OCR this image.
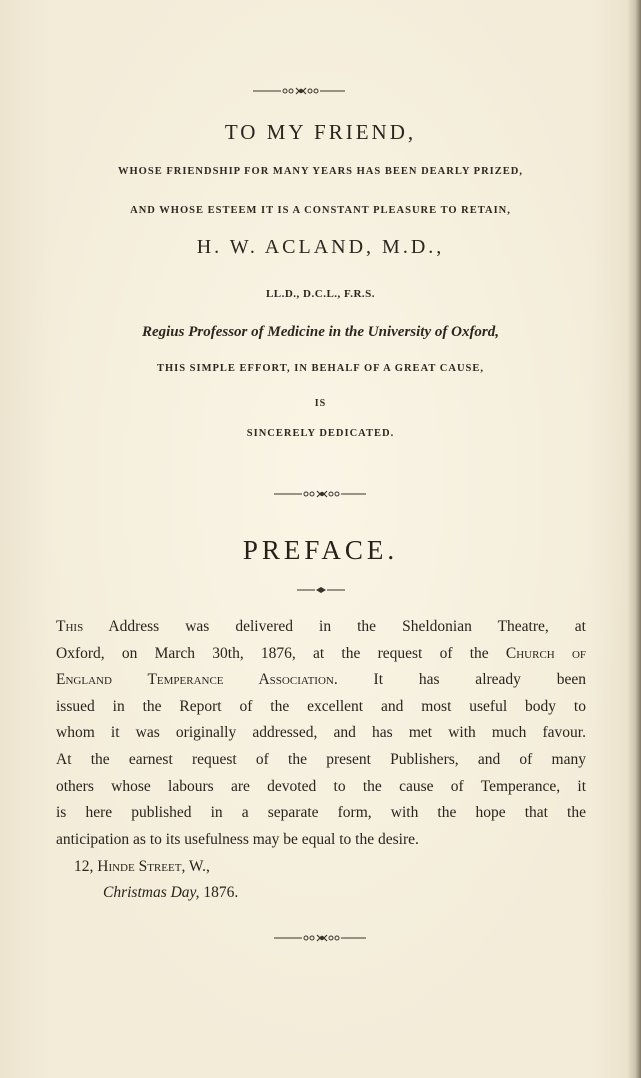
TO MY FRIEND,
WHOSE FRIENDSHIP FOR MANY YEARS HAS BEEN DEARLY PRIZED,
AND WHOSE ESTEEM IT IS A CONSTANT PLEASURE TO RETAIN,
H. W. ACLAND, M.D.,
LL.D., D.C.L., F.R.S.
Regius Professor of Medicine in the University of Oxford,
THIS SIMPLE EFFORT, IN BEHALF OF A GREAT CAUSE,
IS
SINCERELY DEDICATED.
PREFACE.
This Address was delivered in the Sheldonian Theatre, at
Oxford, on March 30th, 1876, at the request of the Church of
England Temperance Association. It has already been
issued in the Report of the excellent and most useful body to
whom it was originally addressed, and has met with much favour.
At the earnest request of the present Publishers, and of many
others whose labours are devoted to the cause of Temperance, it
is here published in a separate form, with the hope that the
anticipation as to its usefulness may be equal to the desire.
12, Hinde Street, W.,
Christmas Day, 1876.
